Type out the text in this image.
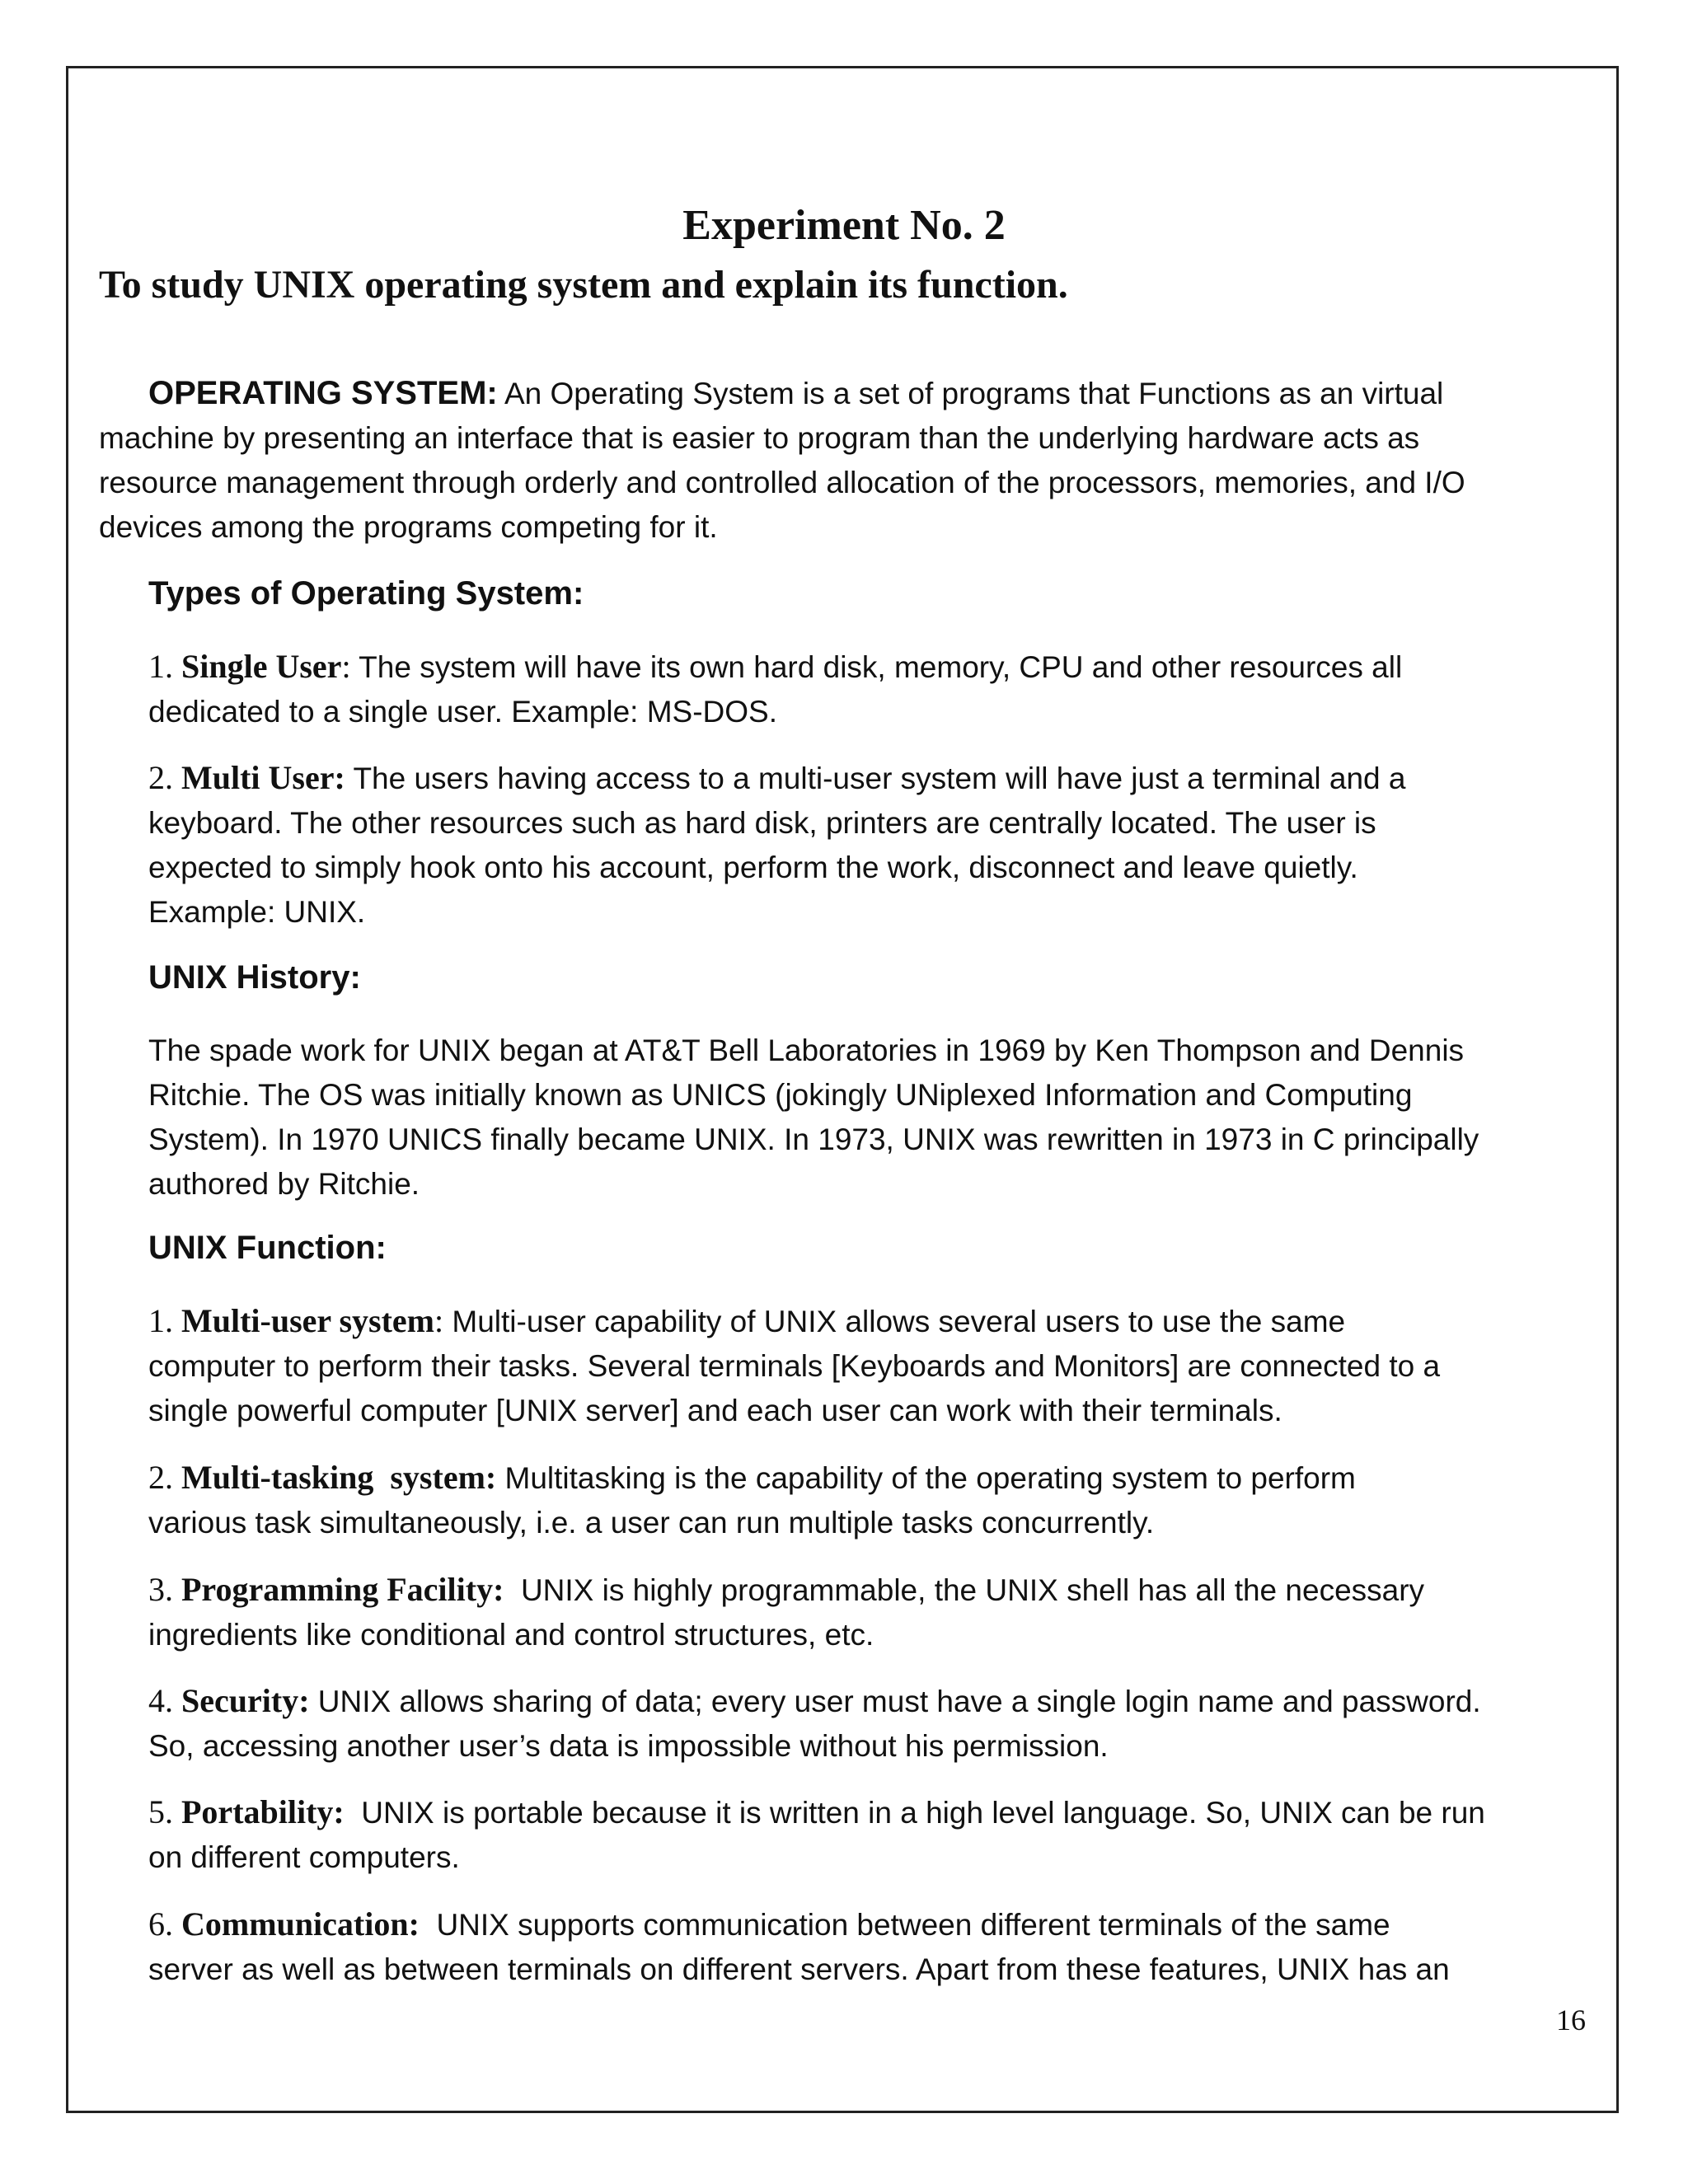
Experiment No. 2
To study UNIX operating system and explain its function.
OPERATING SYSTEM: An Operating System is a set of programs that Functions as an virtual
machine by presenting an interface that is easier to program than the underlying hardware acts as
resource management through orderly and controlled allocation of the processors, memories, and I/O
devices among the programs competing for it.
Types of Operating System:
1. Single User: The system will have its own hard disk, memory, CPU and other resources all
dedicated to a single user. Example: MS-DOS.
2. Multi User: The users having access to a multi-user system will have just a terminal and a
keyboard. The other resources such as hard disk, printers are centrally located. The user is
expected to simply hook onto his account, perform the work, disconnect and leave quietly.
Example: UNIX.
UNIX History:
The spade work for UNIX began at AT&T Bell Laboratories in 1969 by Ken Thompson and Dennis
Ritchie. The OS was initially known as UNICS (jokingly UNiplexed Information and Computing
System). In 1970 UNICS finally became UNIX. In 1973, UNIX was rewritten in 1973 in C principally
authored by Ritchie.
UNIX Function:
1. Multi-user system: Multi-user capability of UNIX allows several users to use the same
computer to perform their tasks. Several terminals [Keyboards and Monitors] are connected to a
single powerful computer [UNIX server] and each user can work with their terminals.
2. Multi-tasking  system: Multitasking is the capability of the operating system to perform
various task simultaneously, i.e. a user can run multiple tasks concurrently.
3. Programming Facility:  UNIX is highly programmable, the UNIX shell has all the necessary
ingredients like conditional and control structures, etc.
4. Security: UNIX allows sharing of data; every user must have a single login name and password.
So, accessing another user’s data is impossible without his permission.
5. Portability:  UNIX is portable because it is written in a high level language. So, UNIX can be run
on different computers.
6. Communication:  UNIX supports communication between different terminals of the same
server as well as between terminals on different servers. Apart from these features, UNIX has an
16
